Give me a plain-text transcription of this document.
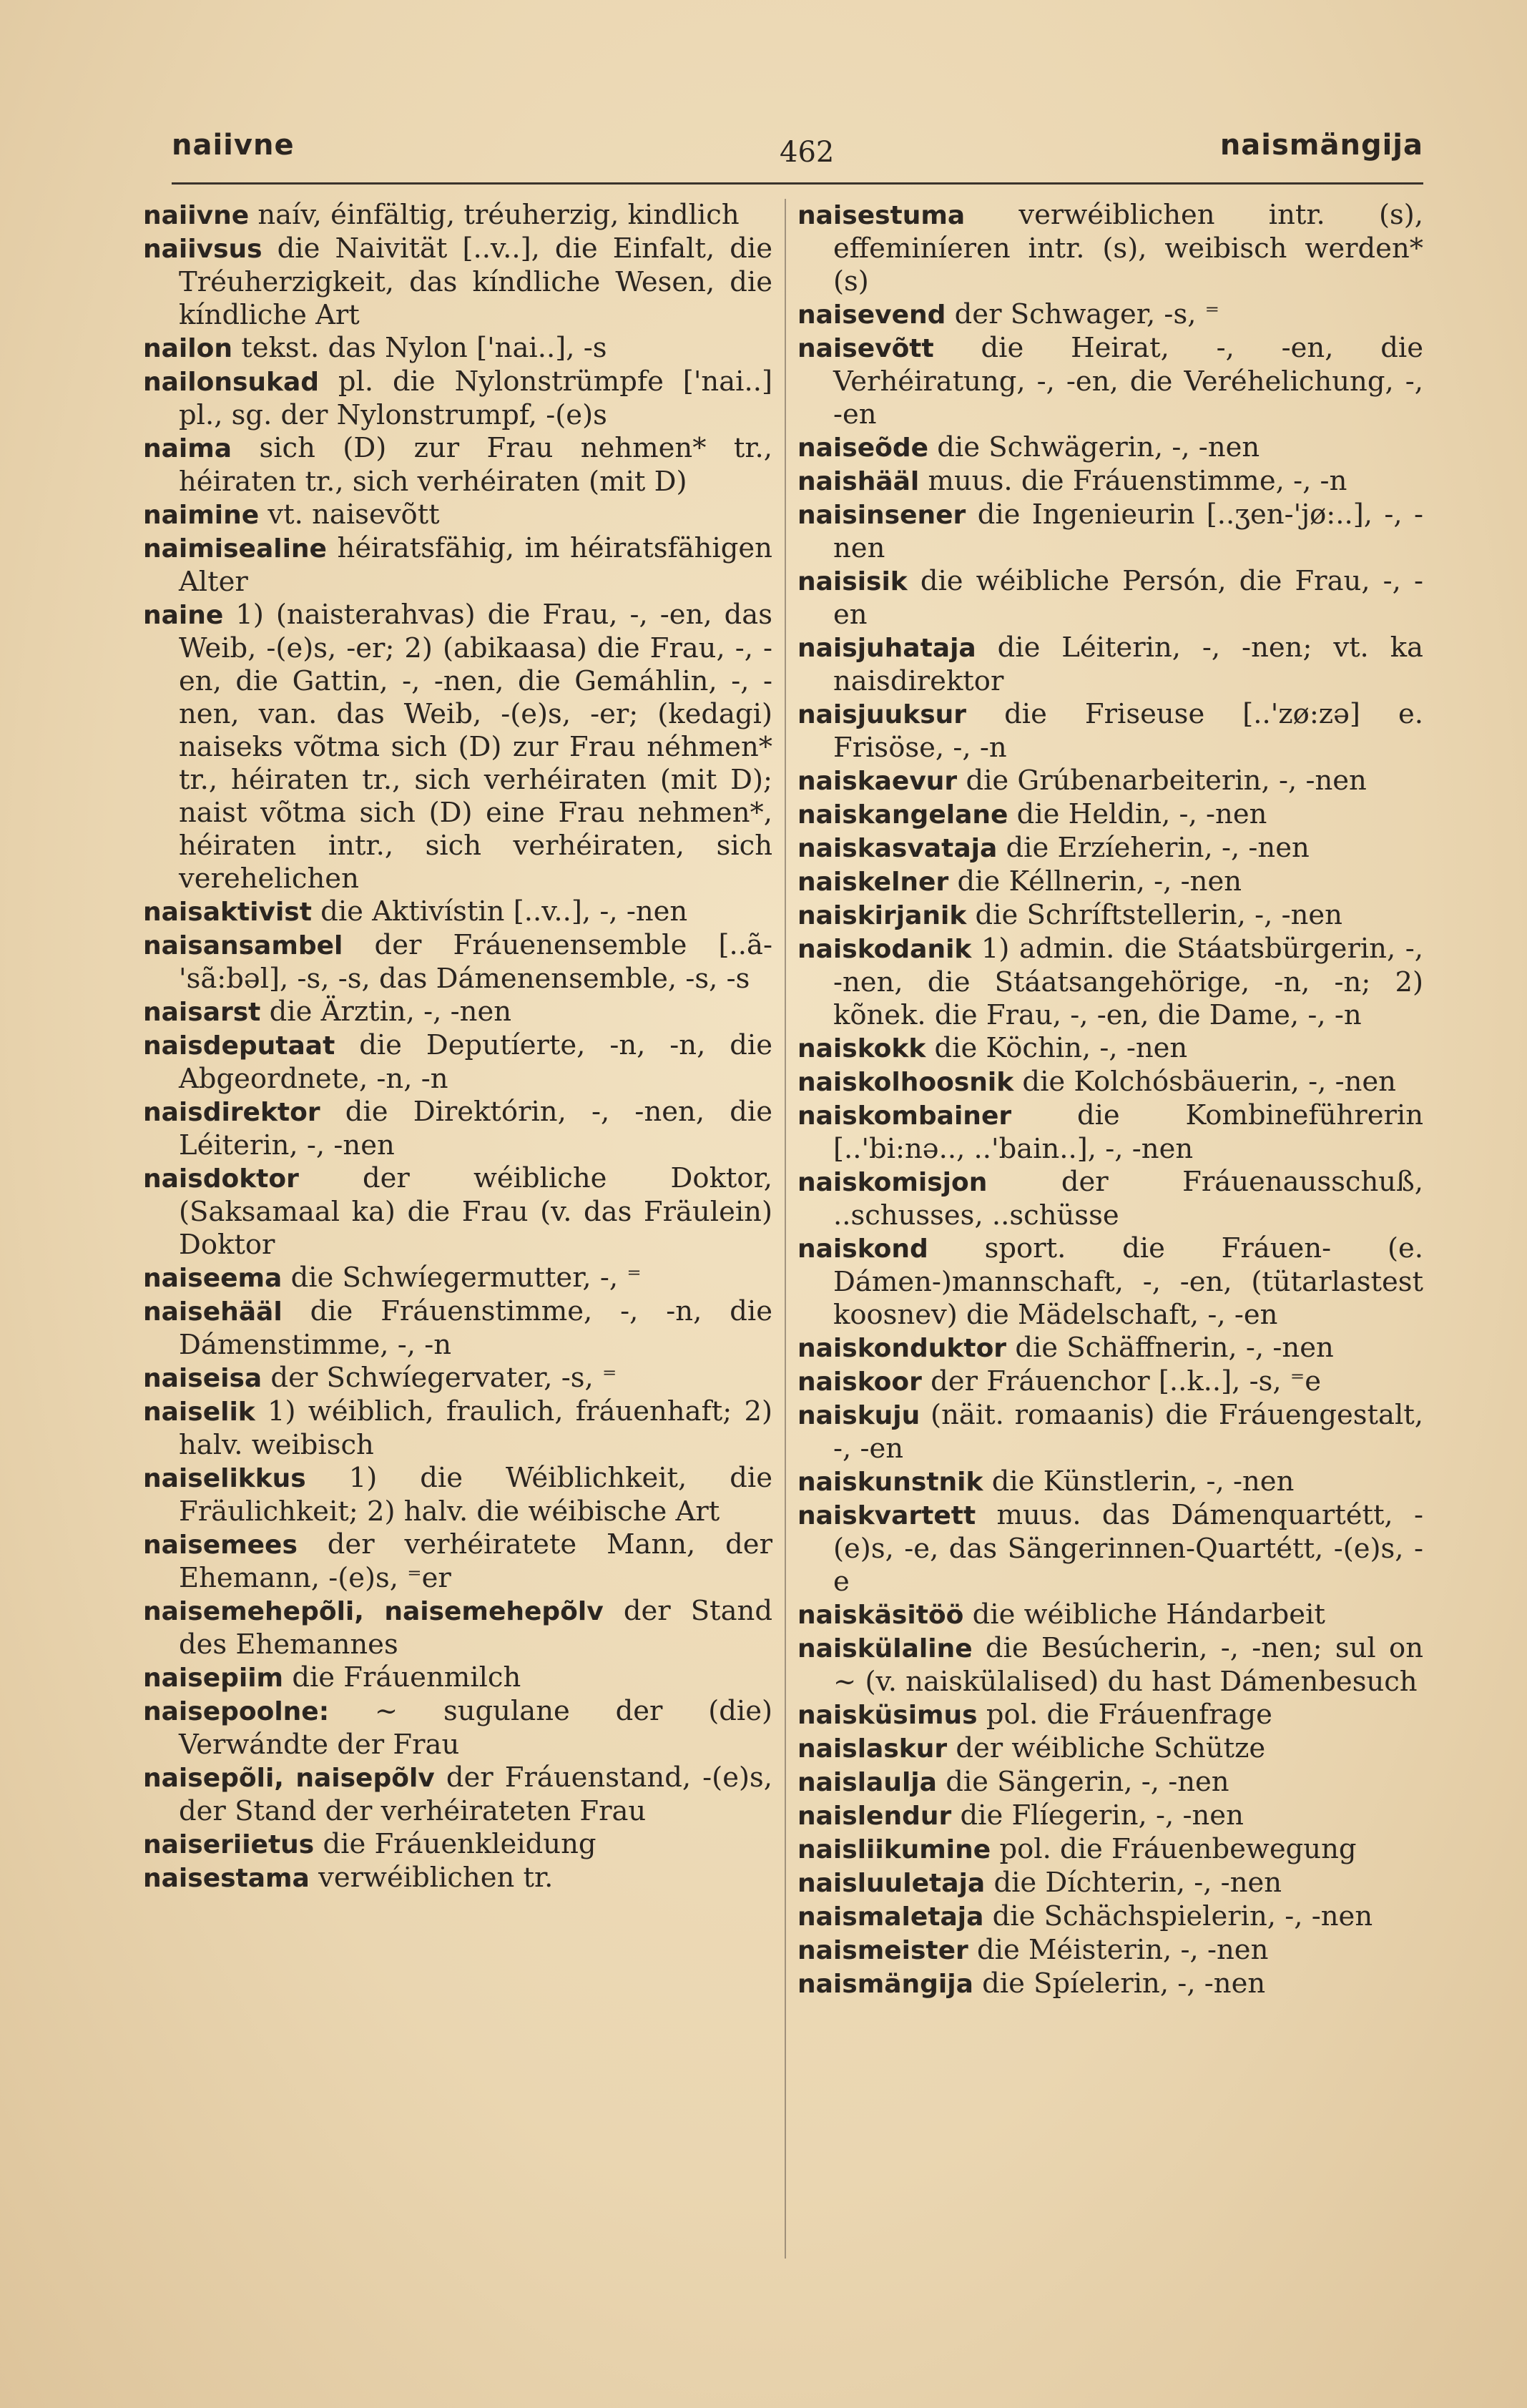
naiivne	462	naismängija
naiivne naív, éinfältig, tréuherzig, kindlich
naiivsus die Naivität [..v..], die Einfalt, die Tréuherzigkeit, das kíndliche Wesen, die kíndliche Art
nailon tekst. das Nylon ['nai..], -s
nailonsukad pl. die Nylonstrümpfe ['nai..] pl., sg. der Nylonstrumpf, -(e)s
naima sich (D) zur Frau nehmen* tr., héiraten tr., sich verhéiraten (mit D)
naimine vt. naisevõtt
naimisealine héiratsfähig, im héiratsfähigen Alter
naine 1) (naisterahvas) die Frau, -, -en, das Weib, -(e)s, -er; 2) (abikaasa) die Frau, -, -en, die Gattin, -, -nen, die Gemáhlin, -, -nen, van. das Weib, -(e)s, -er; (kedagi) naiseks võtma sich (D) zur Frau néhmen* tr., héiraten tr., sich verhéiraten (mit D); naist võtma sich (D) eine Frau nehmen*, héiraten intr., sich verhéiraten, sich verehelichen
naisaktivist die Aktivístin [..v..], -, -nen
naisansambel der Fráuenensemble [..ã-'sã:bəl], -s, -s, das Dámenensemble, -s, -s
naisarst die Ärztin, -, -nen
naisdeputaat die Deputíerte, -n, -n, die Abgeordnete, -n, -n
naisdirektor die Direktórin, -, -nen, die Léiterin, -, -nen
naisdoktor der wéibliche Doktor, (Saksamaal ka) die Frau (v. das Fräulein) Doktor
naiseema die Schwíegermutter, -, ⁼
naisehääl die Fráuenstimme, -, -n, die Dámenstimme, -, -n
naiseisa der Schwíegervater, -s, ⁼
naiselik 1) wéiblich, fraulich, fráuenhaft; 2) halv. weibisch
naiselikkus 1) die Wéiblichkeit, die Fräulichkeit; 2) halv. die wéibische Art
naisemees der verhéiratete Mann, der Ehemann, -(e)s, ⁼er
naisemehepõli, naisemehepõlv der Stand des Ehemannes
naisepiim die Fráuenmilch
naisepoolne: ~ sugulane der (die) Verwándte der Frau
naisepõli, naisepõlv der Fráuenstand, -(e)s, der Stand der verhéirateten Frau
naiseriietus die Fráuenkleidung
naisestama verwéiblichen tr.
naisestuma verwéiblichen intr. (s), effeminíeren intr. (s), weibisch werden* (s)
naisevend der Schwager, -s, ⁼
naisevõtt die Heirat, -, -en, die Verhéiratung, -, -en, die Veréhelichung, -, -en
naiseõde die Schwägerin, -, -nen
naishääl muus. die Fráuenstimme, -, -n
naisinsener die Ingenieurin [..ʒen-'jø:..], -, -nen
naisisik die wéibliche Persón, die Frau, -, -en
naisjuhataja die Léiterin, -, -nen; vt. ka naisdirektor
naisjuuksur die Friseuse [..'zø:zə] e. Frisöse, -, -n
naiskaevur die Grúbenarbeiterin, -, -nen
naiskangelane die Heldin, -, -nen
naiskasvataja die Erzíeherin, -, -nen
naiskelner die Kéllnerin, -, -nen
naiskirjanik die Schríftstellerin, -, -nen
naiskodanik 1) admin. die Stáatsbürgerin, -, -nen, die Stáatsangehörige, -n, -n; 2) kõnek. die Frau, -, -en, die Dame, -, -n
naiskokk die Köchin, -, -nen
naiskolhoosnik die Kolchósbäuerin, -, -nen
naiskombainer die Kombineführerin [..'bi:nə.., ..'bain..], -, -nen
naiskomisjon	der Fráuenausschuß, ..schusses, ..schüsse
naiskond sport. die Fráuen- (e. Dámen-)mannschaft, -, -en, (tütarlastest koosnev) die Mädelschaft, -, -en
naiskonduktor die Schäffnerin, -, -nen
naiskoor der Fráuenchor [..k..], -s, ⁼e
naiskuju (näit. romaanis) die Fráuengestalt, -, -en
naiskunstnik die Künstlerin, -, -nen
naiskvartett muus. das Dámenquartétt, -(e)s, -e, das Sängerinnen-Quartétt, -(e)s, -e
naiskäsitöö die wéibliche Hándarbeit
naiskülaline die Besúcherin, -, -nen; sul on ~ (v. naiskülalised) du hast Dámenbesuch
naisküsimus pol. die Fráuenfrage
naislaskur der wéibliche Schütze
naislaulja die Sängerin, -, -nen
naislendur die Flíegerin, -, -nen
naisliikumine pol. die Fráuenbewegung
naisluuletaja die Díchterin, -, -nen
naismaletaja die Schächspielerin, -, -nen
naismeister die Méisterin, -, -nen
naismängija die Spíelerin, -, -nen
